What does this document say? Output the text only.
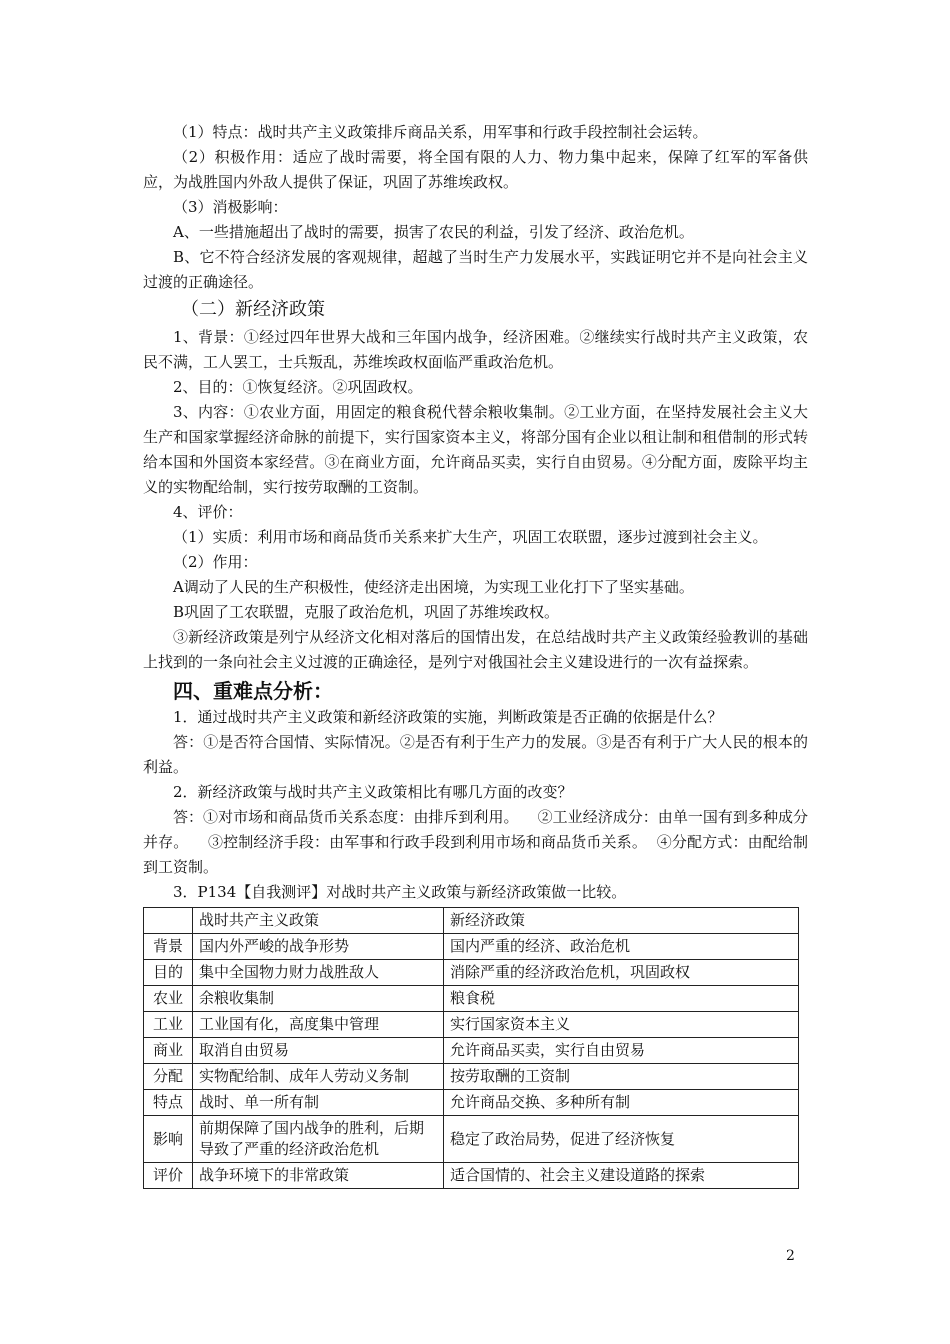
（1）特点：战时共产主义政策排斥商品关系，用军事和行政手段控制社会运转。

（2）积极作用：适应了战时需要，将全国有限的人力、物力集中起来，保障了红军的军备供应，为战胜国内外敌人提供了保证，巩固了苏维埃政权。

（3）消极影响：

A、一些措施超出了战时的需要，损害了农民的利益，引发了经济、政治危机。

B、它不符合经济发展的客观规律，超越了当时生产力发展水平，实践证明它并不是向社会主义过渡的正确途径。

（二）新经济政策

1、背景：①经过四年世界大战和三年国内战争，经济困难。②继续实行战时共产主义政策，农民不满，工人罢工，士兵叛乱，苏维埃政权面临严重政治危机。

2、目的：①恢复经济。②巩固政权。

3、内容：①农业方面，用固定的粮食税代替余粮收集制。②工业方面，在坚持发展社会主义大生产和国家掌握经济命脉的前提下，实行国家资本主义，将部分国有企业以租让制和租借制的形式转给本国和外国资本家经营。③在商业方面，允许商品买卖，实行自由贸易。④分配方面，废除平均主义的实物配给制，实行按劳取酬的工资制。

4、评价：

（1）实质：利用市场和商品货币关系来扩大生产，巩固工农联盟，逐步过渡到社会主义。

（2）作用：

A调动了人民的生产积极性，使经济走出困境，为实现工业化打下了坚实基础。

B巩固了工农联盟，克服了政治危机，巩固了苏维埃政权。

③新经济政策是列宁从经济文化相对落后的国情出发，在总结战时共产主义政策经验教训的基础上找到的一条向社会主义过渡的正确途径，是列宁对俄国社会主义建设进行的一次有益探索。

四、重难点分析：

1．通过战时共产主义政策和新经济政策的实施，判断政策是否正确的依据是什么？

答：①是否符合国情、实际情况。②是否有利于生产力的发展。③是否有利于广大人民的根本的利益。

2．新经济政策与战时共产主义政策相比有哪几方面的改变？

答：①对市场和商品货币关系态度：由排斥到利用。    ②工业经济成分：由单一国有到多种成分并存。    ③控制经济手段：由军事和行政手段到利用市场和商品货币关系。  ④分配方式：由配给制到工资制。

3．P134【自我测评】对战时共产主义政策与新经济政策做一比较。

	战时共产主义政策	新经济政策
背景	国内外严峻的战争形势	国内严重的经济、政治危机
目的	集中全国物力财力战胜敌人	消除严重的经济政治危机，巩固政权
农业	余粮收集制	粮食税
工业	工业国有化，高度集中管理	实行国家资本主义
商业	取消自由贸易	允许商品买卖，实行自由贸易
分配	实物配给制、成年人劳动义务制	按劳取酬的工资制
特点	战时、单一所有制	允许商品交换、多种所有制
影响	前期保障了国内战争的胜利，后期导致了严重的经济政治危机	稳定了政治局势，促进了经济恢复
评价	战争环境下的非常政策	适合国情的、社会主义建设道路的探索
2
